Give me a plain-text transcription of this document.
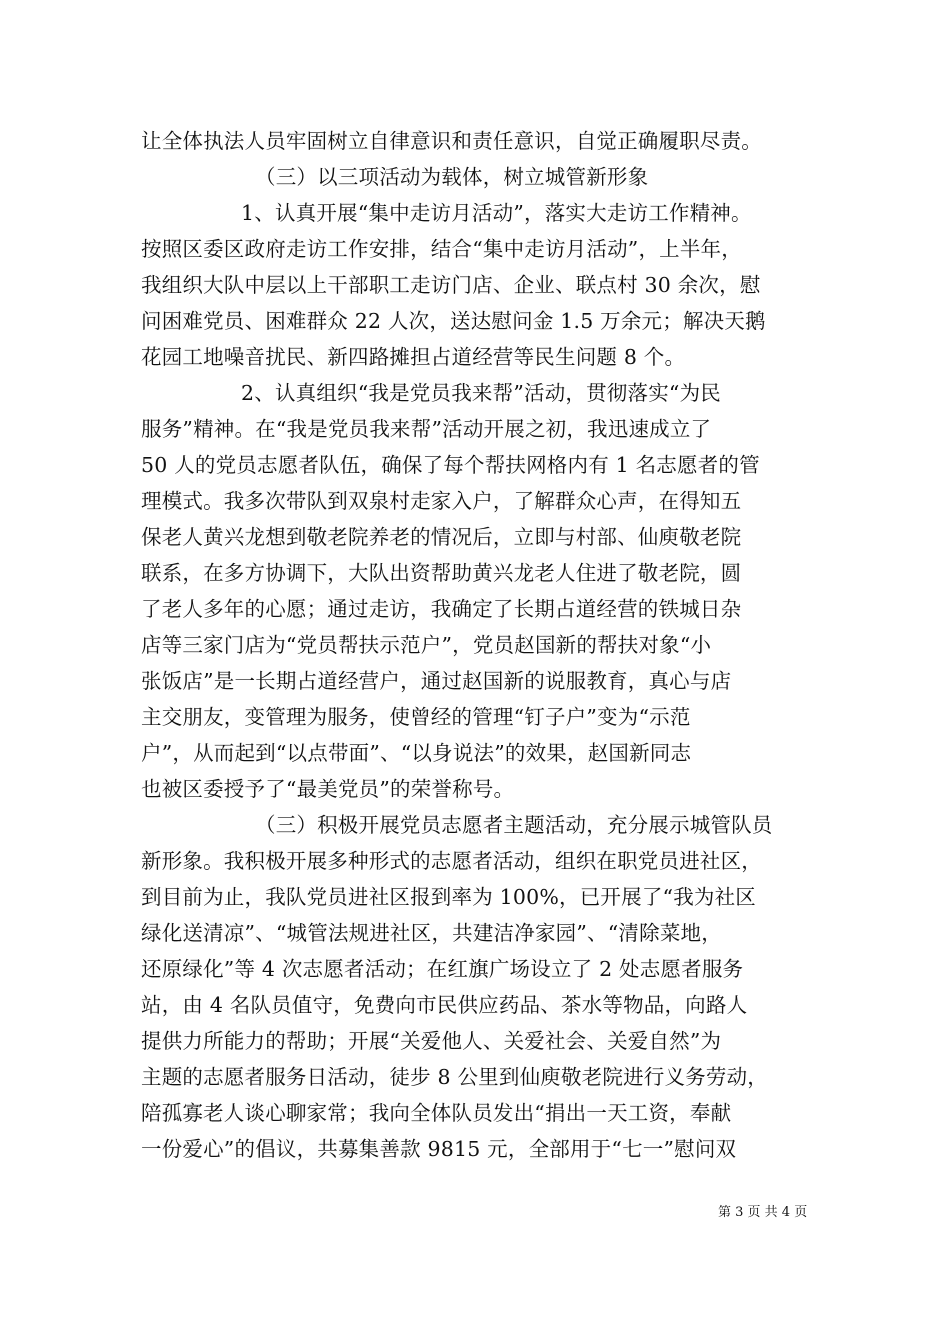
让全体执法人员牢固树立自律意识和责任意识，自觉正确履职尽责。
（三）以三项活动为载体，树立城管新形象
1、认真开展“集中走访月活动”，落实大走访工作精神。
按照区委区政府走访工作安排，结合“集中走访月活动”，上半年，
我组织大队中层以上干部职工走访门店、企业、联点村 30 余次，慰
问困难党员、困难群众 22 人次，送达慰问金 1.5 万余元；解决天鹅
花园工地噪音扰民、新四路摊担占道经营等民生问题 8 个。
2、认真组织“我是党员我来帮”活动，贯彻落实“为民
服务”精神。在“我是党员我来帮”活动开展之初，我迅速成立了
50 人的党员志愿者队伍，确保了每个帮扶网格内有 1 名志愿者的管
理模式。我多次带队到双泉村走家入户，了解群众心声，在得知五
保老人黄兴龙想到敬老院养老的情况后，立即与村部、仙庾敬老院
联系，在多方协调下，大队出资帮助黄兴龙老人住进了敬老院，圆
了老人多年的心愿；通过走访，我确定了长期占道经营的铁城日杂
店等三家门店为“党员帮扶示范户”，党员赵国新的帮扶对象“小
张饭店”是一长期占道经营户，通过赵国新的说服教育，真心与店
主交朋友，变管理为服务，使曾经的管理“钉子户”变为“示范
户”，从而起到“以点带面”、“以身说法”的效果，赵国新同志
也被区委授予了“最美党员”的荣誉称号。
（三）积极开展党员志愿者主题活动，充分展示城管队员
新形象。我积极开展多种形式的志愿者活动，组织在职党员进社区，
到目前为止，我队党员进社区报到率为 100%，已开展了“我为社区
绿化送清凉”、“城管法规进社区，共建洁净家园”、“清除菜地，
还原绿化”等 4 次志愿者活动；在红旗广场设立了 2 处志愿者服务
站，由 4 名队员值守，免费向市民供应药品、茶水等物品，向路人
提供力所能力的帮助；开展“关爱他人、关爱社会、关爱自然”为
主题的志愿者服务日活动，徒步 8 公里到仙庾敬老院进行义务劳动，
陪孤寡老人谈心聊家常；我向全体队员发出“捐出一天工资，奉献
一份爱心”的倡议，共募集善款 9815 元，全部用于“七一”慰问双
第 3 页 共 4 页
